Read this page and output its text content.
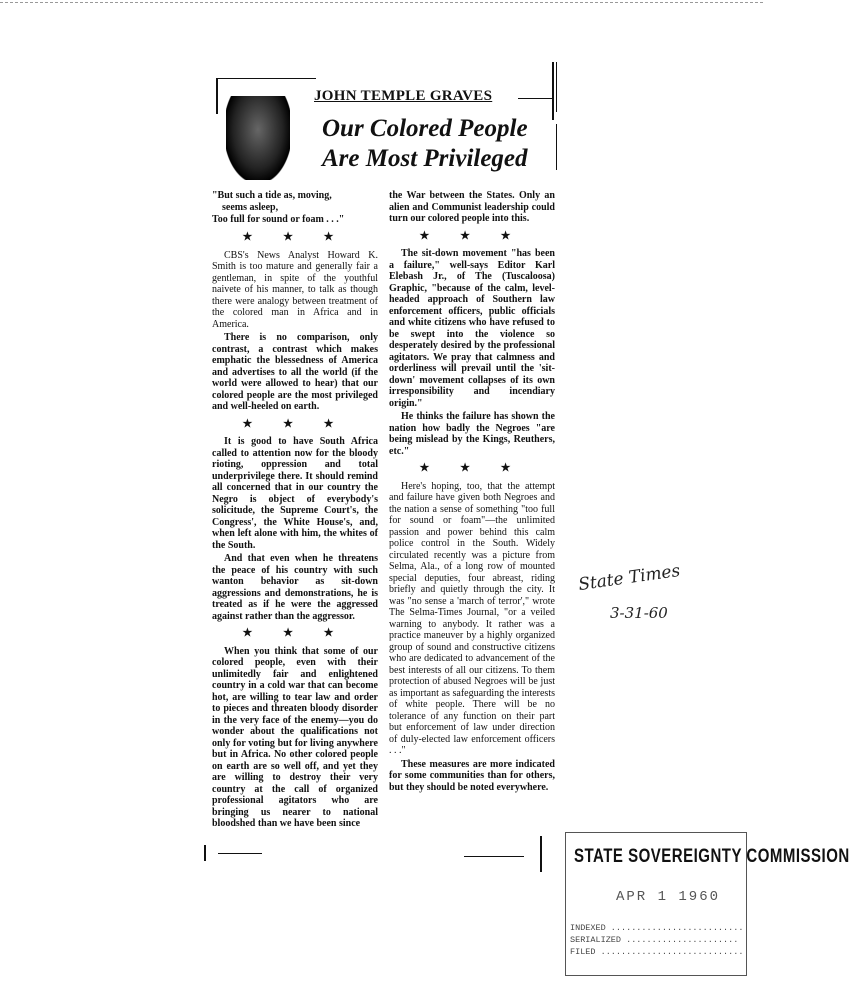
JOHN TEMPLE GRAVES
Our Colored People
Are Most Privileged
"But such a tide as, moving,
seems asleep,
Too full for sound or foam . . ."
★ ★ ★

CBS's News Analyst Howard K. Smith is too mature and generally fair a gentleman, in spite of the youthful naivete of his manner, to talk as though there were analogy between treatment of the colored man in Africa and in America.

There is no comparison, only contrast, a contrast which makes emphatic the blessedness of America and advertises to all the world (if the world were allowed to hear) that our colored people are the most privileged and well-heeled on earth.

★ ★ ★

It is good to have South Africa called to attention now for the bloody rioting, oppression and total underprivilege there. It should remind all concerned that in our country the Negro is object of everybody's solicitude, the Supreme Court's, the Congress', the White House's, and, when left alone with him, the whites of the South.

And that even when he threatens the peace of his country with such wanton behavior as sit-down aggressions and demonstrations, he is treated as if he were the aggressed against rather than the aggressor.

★ ★ ★

When you think that some of our colored people, even with their unlimitedly fair and enlightened country in a cold war that can become hot, are willing to tear law and order to pieces and threaten bloody disorder in the very face of the enemy—you do wonder about the qualifications not only for voting but for living anywhere but in Africa. No other colored people on earth are so well off, and yet they are willing to destroy their very country at the call of organized professional agitators who are bringing us nearer to national bloodshed than we have been since

the War between the States. Only an alien and Communist leadership could turn our colored people into this.

★ ★ ★

The sit-down movement "has been a failure," well-says Editor Karl Elebash Jr., of The (Tuscaloosa) Graphic, "because of the calm, level-headed approach of Southern law enforcement officers, public officials and white citizens who have refused to be swept into the violence so desperately desired by the professional agitators. We pray that calmness and orderliness will prevail until the 'sit-down' movement collapses of its own irresponsibility and incendiary origin."

He thinks the failure has shown the nation how badly the Negroes "are being mislead by the Kings, Reuthers, etc."

★ ★ ★

Here's hoping, too, that the attempt and failure have given both Negroes and the nation a sense of something "too full for sound or foam"—the unlimited passion and power behind this calm police control in the South. Widely circulated recently was a picture from Selma, Ala., of a long row of mounted special deputies, four abreast, riding briefly and quietly through the city. It was "no sense a 'march of terror'," wrote The Selma-Times Journal, "or a veiled warning to anybody. It rather was a practice maneuver by a highly organized group of sound and constructive citizens who are dedicated to advancement of the best interests of all our citizens. To them protection of abused Negroes will be just as important as safeguarding the interests of white people. There will be no tolerance of any function on their part but enforcement of law under direction of duly-elected law enforcement officers . . ."

These measures are more indicated for some communities than for others, but they should be noted everywhere.

State Times
3-31-60
STATE SOVEREIGNTY COMMISSION
APR 1 1960
INDEXED ..........................
SERIALIZED ......................
FILED ............................
